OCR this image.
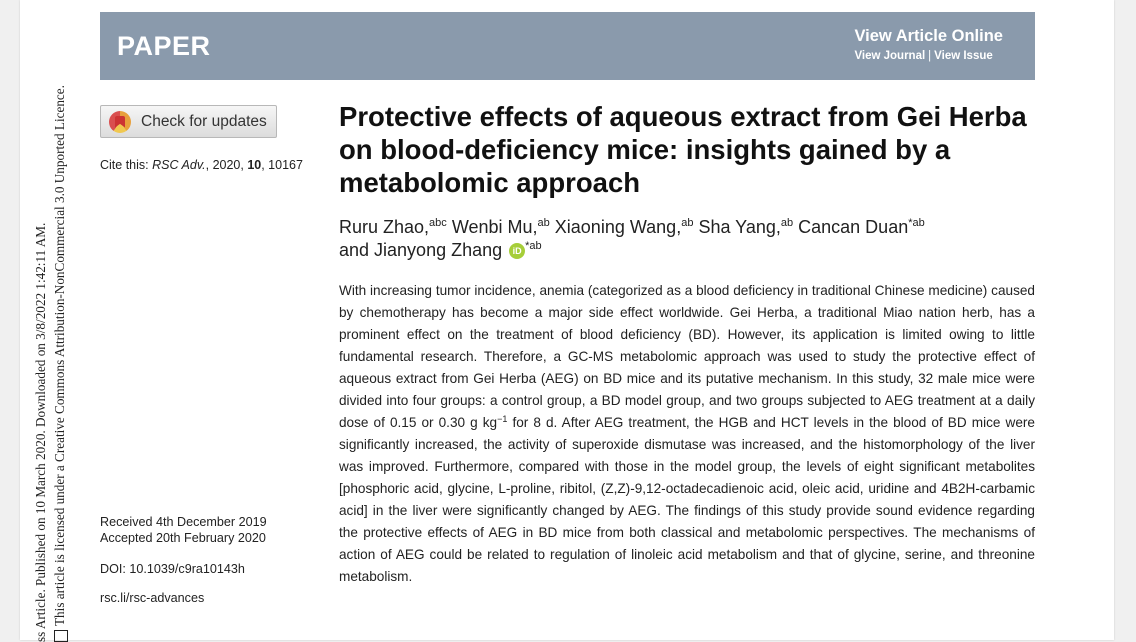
ss Article. Published on 10 March 2020. Downloaded on 3/8/2022 1:42:11 AM. This article is licensed under a Creative Commons Attribution-NonCommercial 3.0 Unported Licence.
PAPER	View Article Online
View Journal | View Issue
Check for updates
Cite this: RSC Adv., 2020, 10, 10167
Protective effects of aqueous extract from Gei Herba on blood-deficiency mice: insights gained by a metabolomic approach
Ruru Zhao,$^{abc}$ Wenbi Mu,$^{ab}$ Xiaoning Wang,$^{ab}$ Sha Yang,$^{ab}$ Cancan Duan$^{*ab}$
and Jianyong Zhang iD $^{*ab}$

With increasing tumor incidence, anemia (categorized as a blood deficiency in traditional Chinese medicine) caused by chemotherapy has become a major side effect worldwide. Gei Herba, a traditional Miao nation herb, has a prominent effect on the treatment of blood deficiency (BD). However, its application is limited owing to little fundamental research. Therefore, a GC-MS metabolomic approach was used to study the protective effect of aqueous extract from Gei Herba (AEG) on BD mice and its putative mechanism. In this study, 32 male mice were divided into four groups: a control group, a BD model group, and two groups subjected to AEG treatment at a daily dose of 0.15 or 0.30 g $kg^{-1}$ for 8 d. After AEG treatment, the HGB and HCT levels in the blood of BD mice were significantly increased, the activity of superoxide dismutase was increased, and the histomorphology of the liver was improved. Furthermore, compared with those in the model group, the levels of eight significant metabolites [phosphoric acid, glycine, L-proline, ribitol, (Z,Z)-9,12-octadecadienoic acid, oleic acid, uridine and 4B2H-carbamic acid] in the liver were significantly changed by AEG. The findings of this study provide sound evidence regarding the protective effects of AEG in BD mice from both classical and metabolomic perspectives. The mechanisms of action of AEG could be related to regulation of linoleic acid metabolism and that of glycine, serine, and threonine metabolism.

Received 4th December 2019
Accepted 20th February 2020
DOI: 10.1039/c9ra10143h
rsc.li/rsc-advances
